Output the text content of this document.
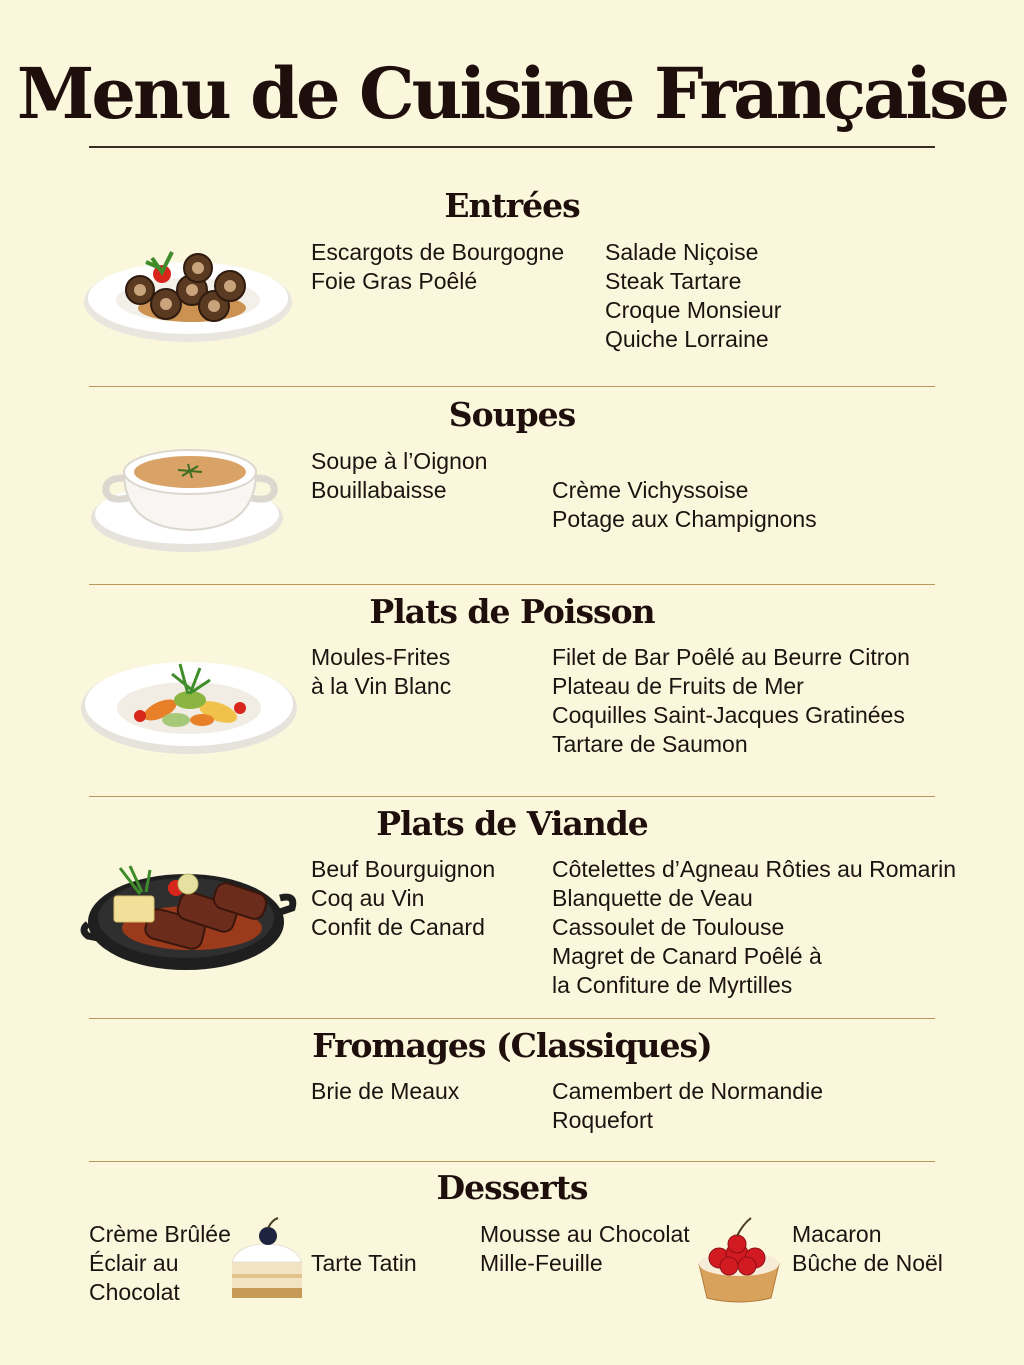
Menu de Cuisine Française
Entrées
Escargots de Bourgogne
Foie Gras Poêlé
Salade Niçoise
Steak Tartare
Croque Monsieur
Quiche Lorraine
Soupes
Soupe à l’Oignon
Bouillabaisse	Crème Vichyssoise
Potage aux Champignons
Plats de Poisson
Moules-Frites
à la Vin Blanc
Filet de Bar Poêlé au Beurre Citron
Plateau de Fruits de Mer
Coquilles Saint-Jacques Gratinées
Tartare de Saumon
Plats de Viande
Beuf Bourguignon
Coq au Vin
Confit de Canard
Côtelettes d’Agneau Rôties au Romarin
Blanquette de Veau
Cassoulet de Toulouse
Magret de Canard Poêlé à
la Confiture de Myrtilles
Fromages (Classiques)
Brie de Meaux	Camembert de Normandie
Roquefort
Desserts
Crème Brûlée
Éclair au
Chocolat
Tarte Tatin
Mousse au Chocolat
Mille-Feuille
Macaron
Bûche de Noël
